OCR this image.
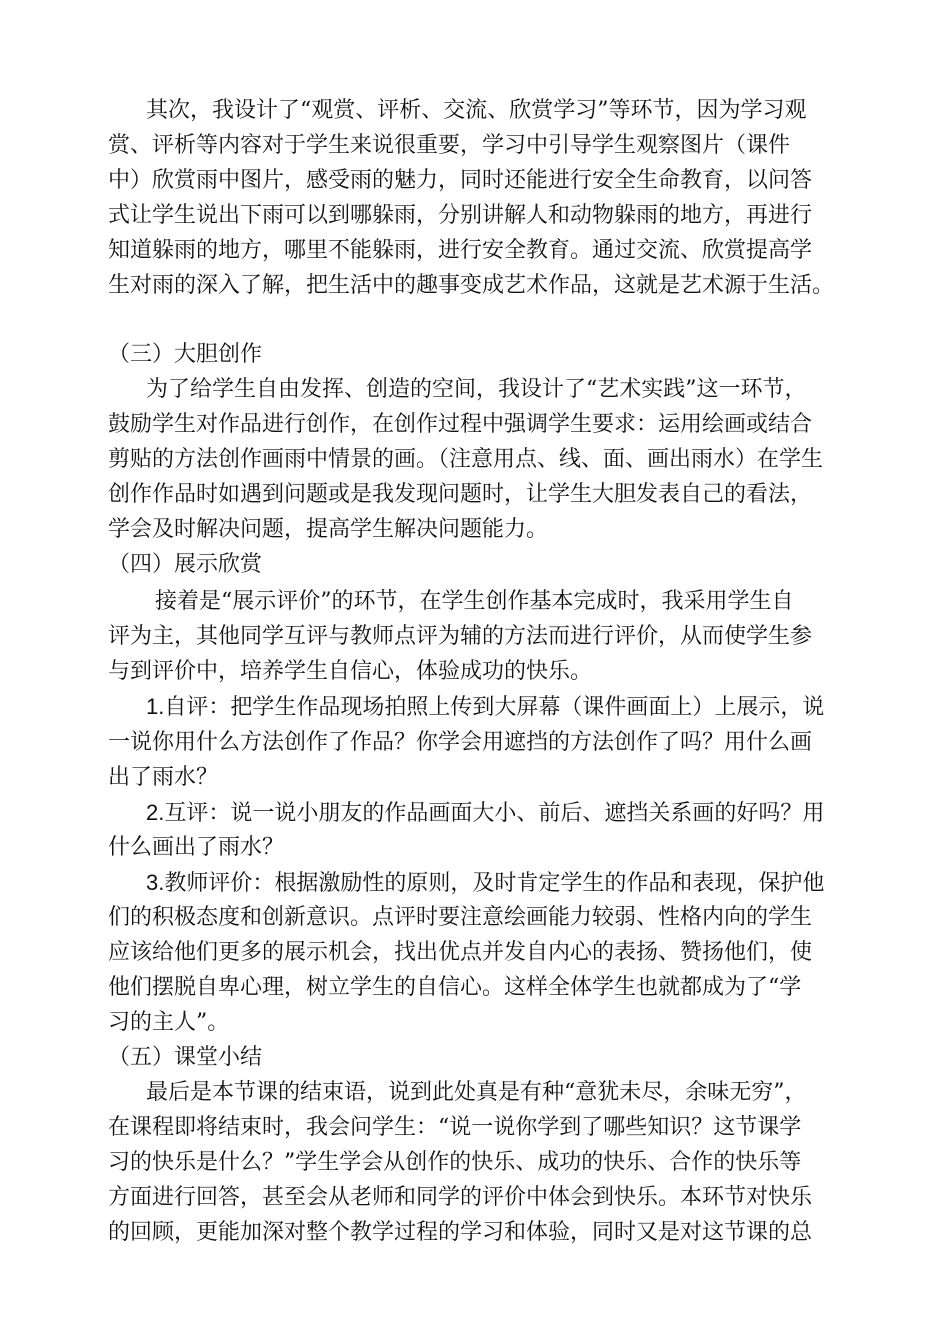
其次，我设计了“观赏、评析、交流、欣赏学习”等环节，因为学习观
赏、评析等内容对于学生来说很重要，学习中引导学生观察图片（课件
中）欣赏雨中图片，感受雨的魅力，同时还能进行安全生命教育，以问答
式让学生说出下雨可以到哪躲雨，分别讲解人和动物躲雨的地方，再进行
知道躲雨的地方，哪里不能躲雨，进行安全教育。通过交流、欣赏提高学
生对雨的深入了解，把生活中的趣事变成艺术作品，这就是艺术源于生活。
（三）大胆创作
为了给学生自由发挥、创造的空间，我设计了“艺术实践”这一环节，
鼓励学生对作品进行创作，在创作过程中强调学生要求：运用绘画或结合
剪贴的方法创作画雨中情景的画。（注意用点、线、面、画出雨水）在学生
创作作品时如遇到问题或是我发现问题时，让学生大胆发表自己的看法，
学会及时解决问题，提高学生解决问题能力。
（四）展示欣赏
接着是“展示评价”的环节，在学生创作基本完成时，我采用学生自
评为主，其他同学互评与教师点评为辅的方法而进行评价，从而使学生参
与到评价中，培养学生自信心，体验成功的快乐。
1.自评：把学生作品现场拍照上传到大屏幕（课件画面上）上展示，说
一说你用什么方法创作了作品？你学会用遮挡的方法创作了吗？用什么画
出了雨水？
2.互评：说一说小朋友的作品画面大小、前后、遮挡关系画的好吗？用
什么画出了雨水？
3.教师评价：根据激励性的原则，及时肯定学生的作品和表现，保护他
们的积极态度和创新意识。点评时要注意绘画能力较弱、性格内向的学生
应该给他们更多的展示机会，找出优点并发自内心的表扬、赞扬他们，使
他们摆脱自卑心理，树立学生的自信心。这样全体学生也就都成为了“学
习的主人”。
（五）课堂小结
最后是本节课的结束语，说到此处真是有种“意犹未尽，余味无穷”，
在课程即将结束时，我会问学生：“说一说你学到了哪些知识？这节课学
习的快乐是什么？”学生学会从创作的快乐、成功的快乐、合作的快乐等
方面进行回答，甚至会从老师和同学的评价中体会到快乐。本环节对快乐
的回顾，更能加深对整个教学过程的学习和体验，同时又是对这节课的总
